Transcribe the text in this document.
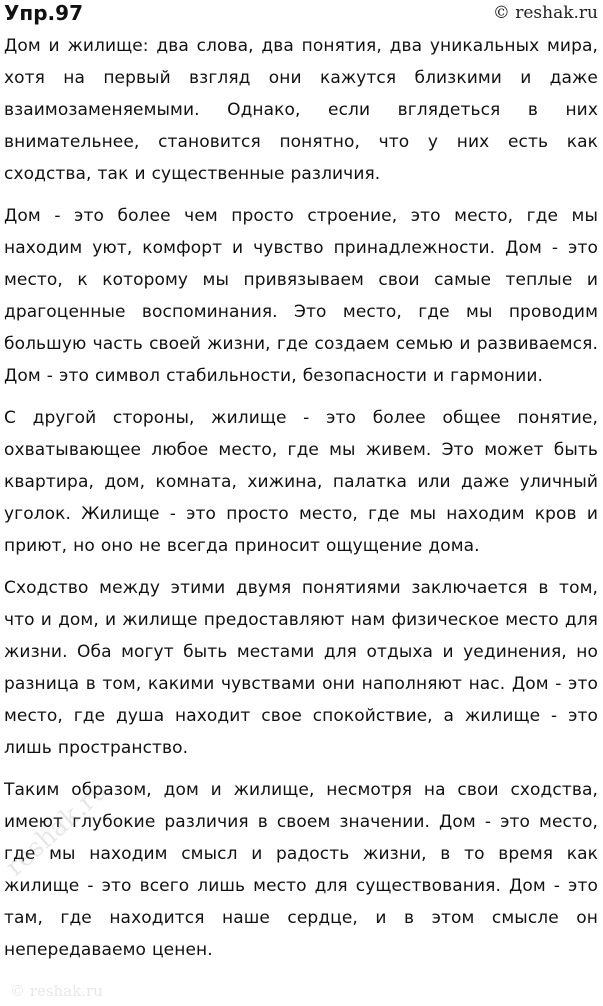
Упр.97	© reshak.ru

Дом и жилище: два слова, два понятия, два уникальных мира, хотя на первый взгляд они кажутся близкими и даже взаимозаменяемыми. Однако, если вглядеться в них внимательнее, становится понятно, что у них есть как сходства, так и существенные различия.

Дом - это более чем просто строение, это место, где мы находим уют, комфорт и чувство принадлежности. Дом - это место, к которому мы привязываем свои самые теплые и драгоценные воспоминания. Это место, где мы проводим большую часть своей жизни, где создаем семью и развиваемся. Дом - это символ стабильности, безопасности и гармонии.

С другой стороны, жилище - это более общее понятие, охватывающее любое место, где мы живем. Это может быть квартира, дом, комната, хижина, палатка или даже уличный уголок. Жилище - это просто место, где мы находим кров и приют, но оно не всегда приносит ощущение дома.

Сходство между этими двумя понятиями заключается в том, что и дом, и жилище предоставляют нам физическое место для жизни. Оба могут быть местами для отдыха и уединения, но разница в том, какими чувствами они наполняют нас. Дом - это место, где душа находит свое спокойствие, а жилище - это лишь пространство.

Таким образом, дом и жилище, несмотря на свои сходства, имеют глубокие различия в своем значении. Дом - это место, где мы находим смысл и радость жизни, в то время как жилище - это всего лишь место для существования. Дом - это там, где находится наше сердце, и в этом смысле он непередаваемо ценен.

reshak.ru
© reshak.ru
